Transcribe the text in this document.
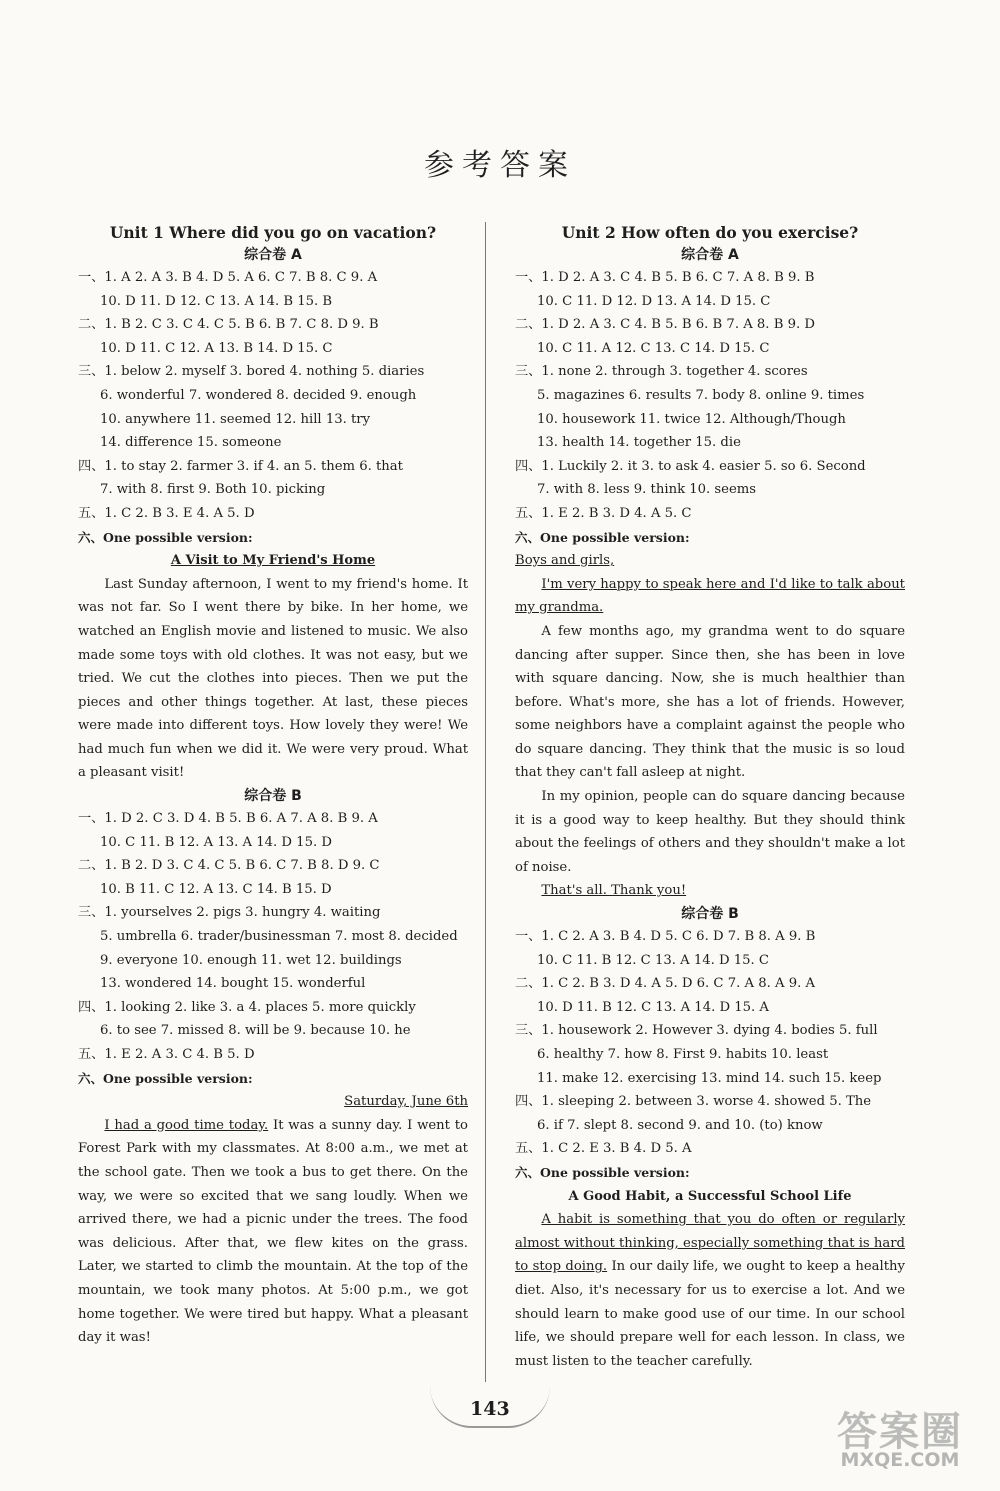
参考答案
Unit 1 Where did you go on vacation?
综合卷 A
一、1. A 2. A 3. B 4. D 5. A 6. C 7. B 8. C 9. A
10. D 11. D 12. C 13. A 14. B 15. B
二、1. B 2. C 3. C 4. C 5. B 6. B 7. C 8. D 9. B
10. D 11. C 12. A 13. B 14. D 15. C
三、1. below 2. myself 3. bored 4. nothing 5. diaries
6. wonderful 7. wondered 8. decided 9. enough
10. anywhere 11. seemed 12. hill 13. try
14. difference 15. someone
四、1. to stay 2. farmer 3. if 4. an 5. them 6. that
7. with 8. first 9. Both 10. picking
五、1. C 2. B 3. E 4. A 5. D
六、One possible version:
A Visit to My Friend's Home
Last Sunday afternoon, I went to my friend's home. It was not far. So I went there by bike. In her home, we watched an English movie and listened to music. We also made some toys with old clothes. It was not easy, but we tried. We cut the clothes into pieces. Then we put the pieces and other things together. At last, these pieces were made into different toys. How lovely they were! We had much fun when we did it. We were very proud. What a pleasant visit!
综合卷 B
一、1. D 2. C 3. D 4. B 5. B 6. A 7. A 8. B 9. A
10. C 11. B 12. A 13. A 14. D 15. D
二、1. B 2. D 3. C 4. C 5. B 6. C 7. B 8. D 9. C
10. B 11. C 12. A 13. C 14. B 15. D
三、1. yourselves 2. pigs 3. hungry 4. waiting
5. umbrella 6. trader/businessman 7. most 8. decided
9. everyone 10. enough 11. wet 12. buildings
13. wondered 14. bought 15. wonderful
四、1. looking 2. like 3. a 4. places 5. more quickly
6. to see 7. missed 8. will be 9. because 10. he
五、1. E 2. A 3. C 4. B 5. D
六、One possible version:
Saturday, June 6th
I had a good time today. It was a sunny day. I went to Forest Park with my classmates. At 8:00 a.m., we met at the school gate. Then we took a bus to get there. On the way, we were so excited that we sang loudly. When we arrived there, we had a picnic under the trees. The food was delicious. After that, we flew kites on the grass. Later, we started to climb the mountain. At the top of the mountain, we took many photos. At 5:00 p.m., we got home together. We were tired but happy. What a pleasant day it was!
Unit 2 How often do you exercise?
综合卷 A
一、1. D 2. A 3. C 4. B 5. B 6. C 7. A 8. B 9. B
10. C 11. D 12. D 13. A 14. D 15. C
二、1. D 2. A 3. C 4. B 5. B 6. B 7. A 8. B 9. D
10. C 11. A 12. C 13. C 14. D 15. C
三、1. none 2. through 3. together 4. scores
5. magazines 6. results 7. body 8. online 9. times
10. housework 11. twice 12. Although/Though
13. health 14. together 15. die
四、1. Luckily 2. it 3. to ask 4. easier 5. so 6. Second
7. with 8. less 9. think 10. seems
五、1. E 2. B 3. D 4. A 5. C
六、One possible version:
Boys and girls,
I'm very happy to speak here and I'd like to talk about my grandma.
A few months ago, my grandma went to do square dancing after supper. Since then, she has been in love with square dancing. Now, she is much healthier than before. What's more, she has a lot of friends. However, some neighbors have a complaint against the people who do square dancing. They think that the music is so loud that they can't fall asleep at night.
In my opinion, people can do square dancing because it is a good way to keep healthy. But they should think about the feelings of others and they shouldn't make a lot of noise.
That's all. Thank you!
综合卷 B
一、1. C 2. A 3. B 4. D 5. C 6. D 7. B 8. A 9. B
10. C 11. B 12. C 13. A 14. D 15. C
二、1. C 2. B 3. D 4. A 5. D 6. C 7. A 8. A 9. A
10. D 11. B 12. C 13. A 14. D 15. A
三、1. housework 2. However 3. dying 4. bodies 5. full
6. healthy 7. how 8. First 9. habits 10. least
11. make 12. exercising 13. mind 14. such 15. keep
四、1. sleeping 2. between 3. worse 4. showed 5. The
6. if 7. slept 8. second 9. and 10. (to) know
五、1. C 2. E 3. B 4. D 5. A
六、One possible version:
A Good Habit, a Successful School Life
A habit is something that you do often or regularly almost without thinking, especially something that is hard to stop doing. In our daily life, we ought to keep a healthy diet. Also, it's necessary for us to exercise a lot. And we should learn to make good use of our time. In our school life, we should prepare well for each lesson. In class, we must listen to the teacher carefully.
143	答案圈
MXQE.COM
